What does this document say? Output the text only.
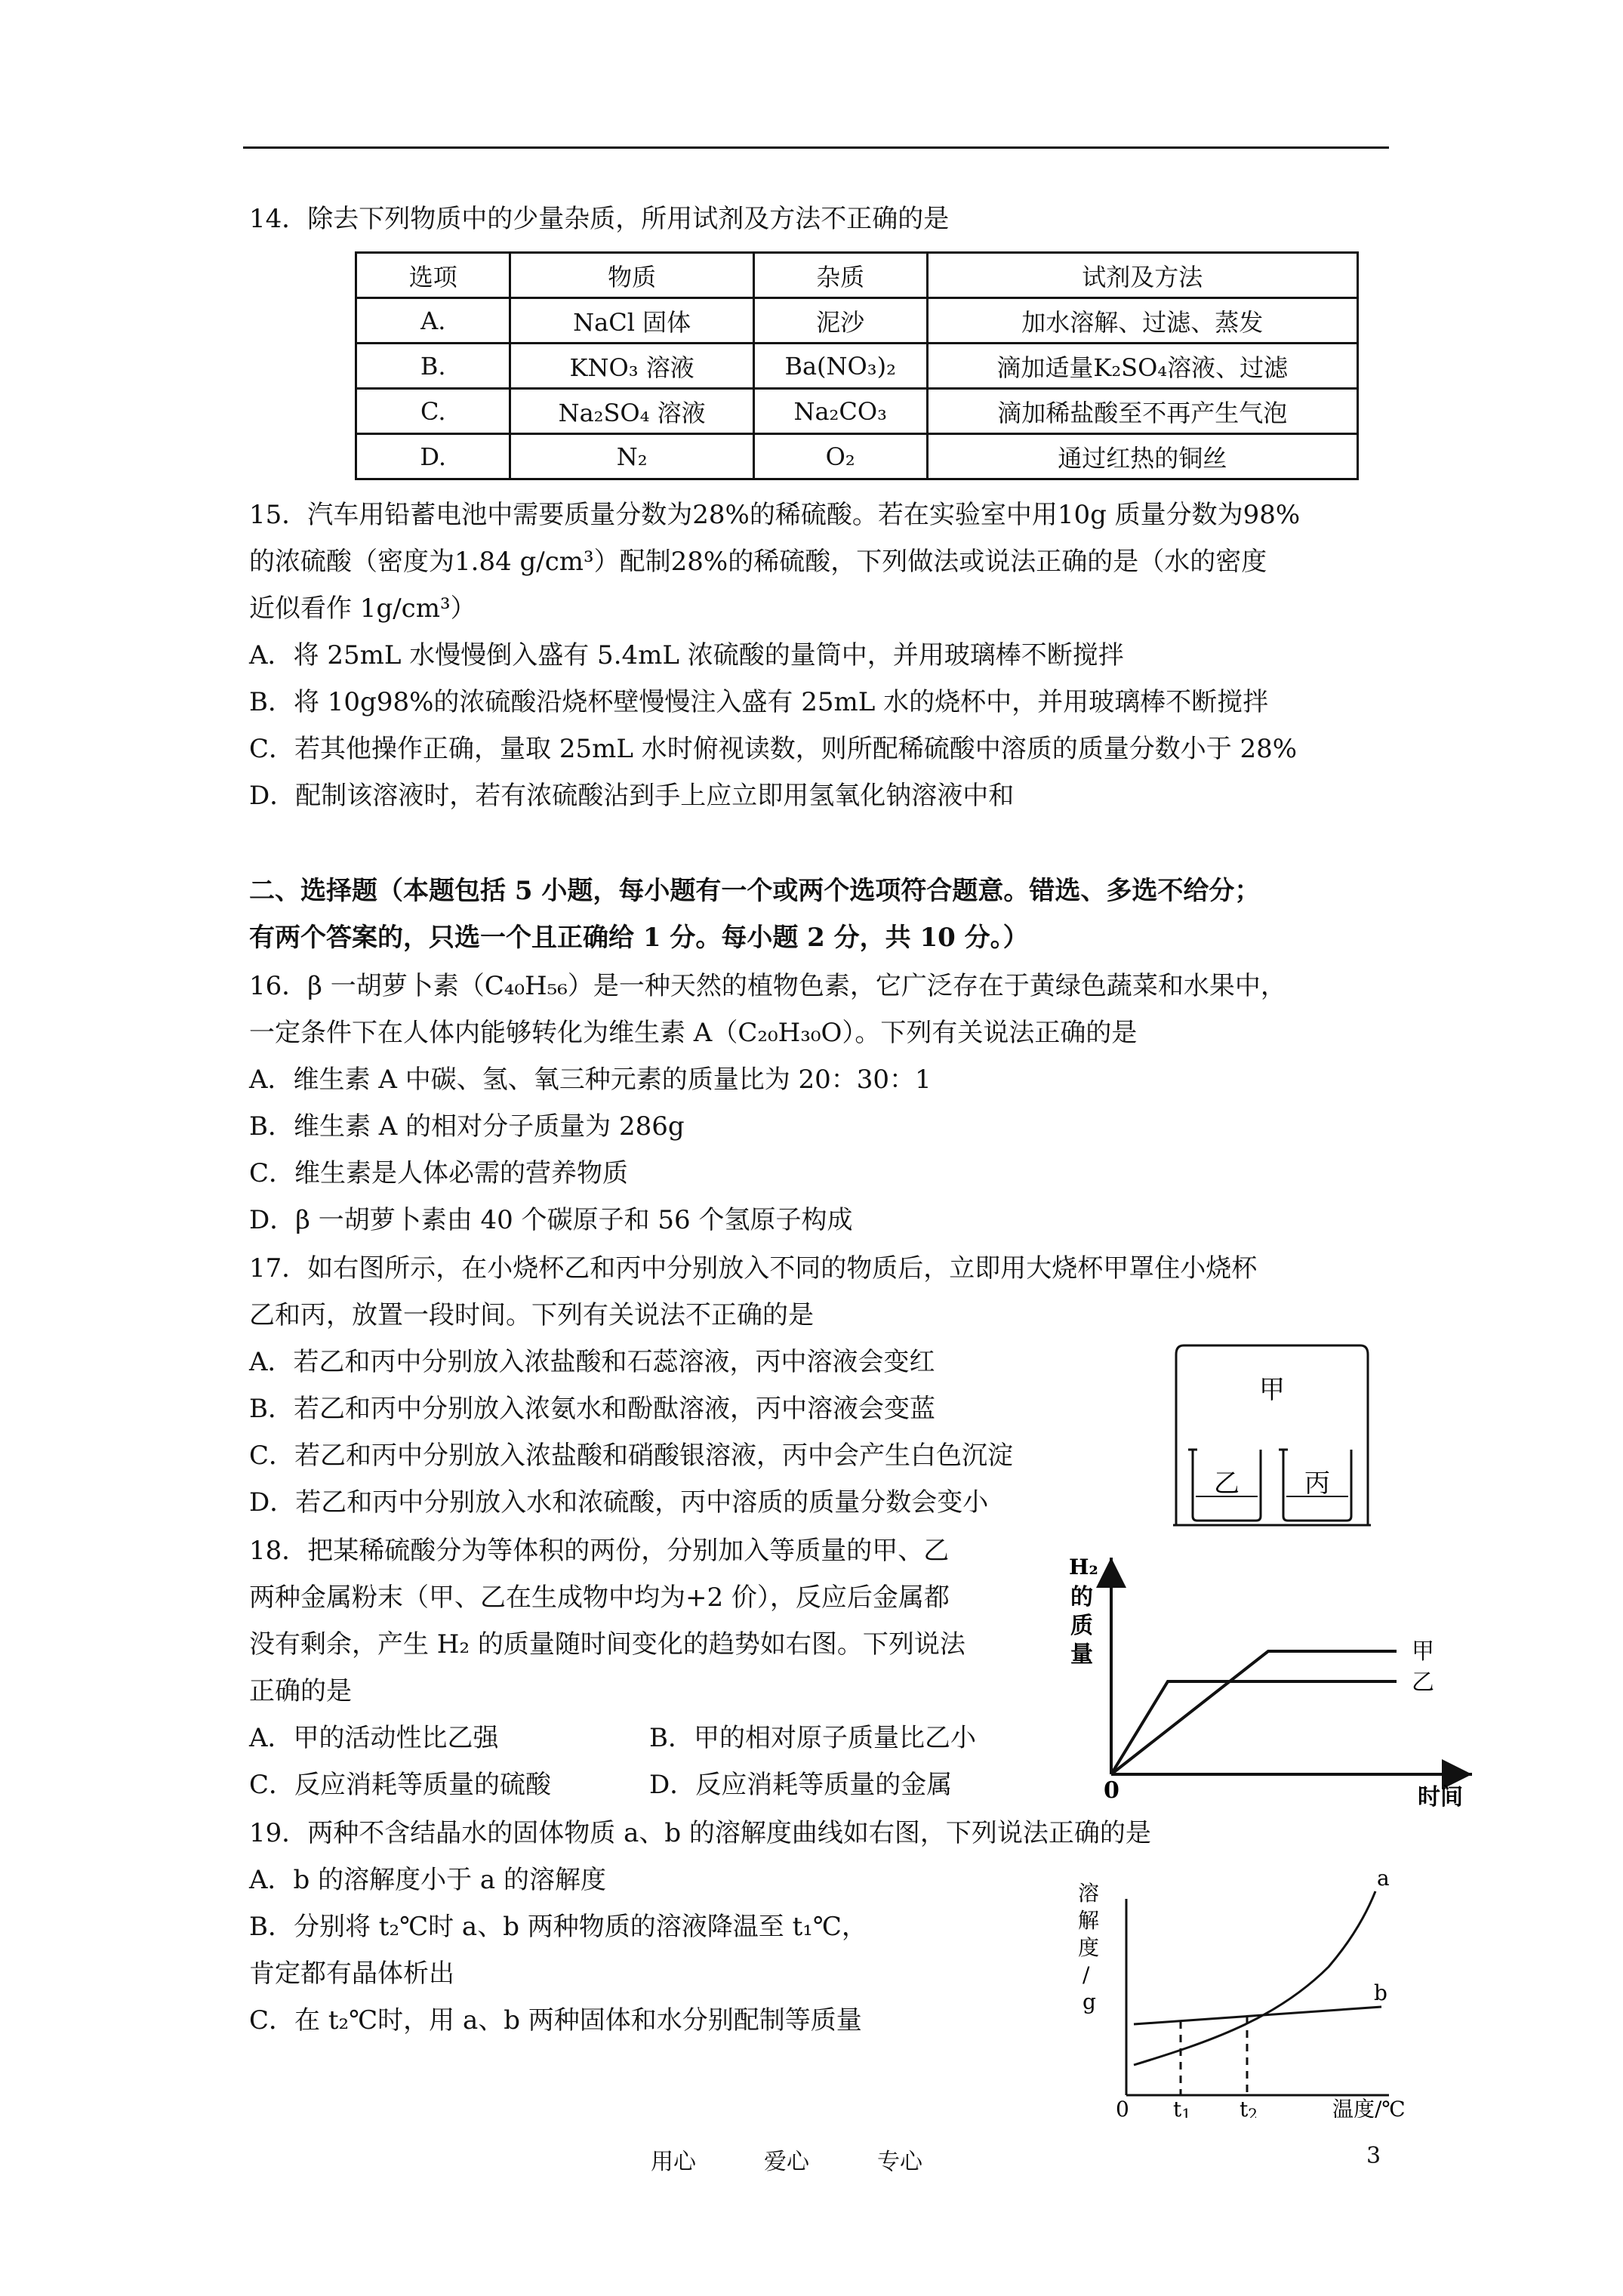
14．除去下列物质中的少量杂质，所用试剂及方法不正确的是
选项	物质	杂质	试剂及方法
A.	NaCl 固体	泥沙	加水溶解、过滤、蒸发
B.	KNO₃ 溶液	Ba(NO₃)₂	滴加适量K₂SO₄溶液、过滤
C.	Na₂SO₄ 溶液	Na₂CO₃	滴加稀盐酸至不再产生气泡
D.	N₂	O₂	通过红热的铜丝
15．汽车用铅蓄电池中需要质量分数为28%的稀硫酸。若在实验室中用10g 质量分数为98%
的浓硫酸（密度为1.84 g/cm³）配制28%的稀硫酸，下列做法或说法正确的是（水的密度
近似看作 1g/cm³）
A．将 25mL 水慢慢倒入盛有 5.4mL 浓硫酸的量筒中，并用玻璃棒不断搅拌
B．将 10g98%的浓硫酸沿烧杯壁慢慢注入盛有 25mL 水的烧杯中，并用玻璃棒不断搅拌
C．若其他操作正确，量取 25mL 水时俯视读数，则所配稀硫酸中溶质的质量分数小于 28%
D．配制该溶液时，若有浓硫酸沾到手上应立即用氢氧化钠溶液中和
二、选择题（本题包括 5 小题，每小题有一个或两个选项符合题意。错选、多选不给分；
有两个答案的，只选一个且正确给 1 分。每小题 2 分，共 10 分。）
16．β 一胡萝卜素（C₄₀H₅₆）是一种天然的植物色素，它广泛存在于黄绿色蔬菜和水果中，
一定条件下在人体内能够转化为维生素 A（C₂₀H₃₀O）。下列有关说法正确的是
A．维生素 A 中碳、氢、氧三种元素的质量比为 20：30：1
B．维生素 A 的相对分子质量为 286g
C．维生素是人体必需的营养物质
D．β 一胡萝卜素由 40 个碳原子和 56 个氢原子构成
17．如右图所示，在小烧杯乙和丙中分别放入不同的物质后，立即用大烧杯甲罩住小烧杯
乙和丙，放置一段时间。下列有关说法不正确的是
A．若乙和丙中分别放入浓盐酸和石蕊溶液，丙中溶液会变红
B．若乙和丙中分别放入浓氨水和酚酞溶液，丙中溶液会变蓝
C．若乙和丙中分别放入浓盐酸和硝酸银溶液，丙中会产生白色沉淀
D．若乙和丙中分别放入水和浓硫酸，丙中溶质的质量分数会变小
甲
乙	丙
18．把某稀硫酸分为等体积的两份，分别加入等质量的甲、乙
两种金属粉末（甲、乙在生成物中均为+2 价），反应后金属都
没有剩余，产生 H₂ 的质量随时间变化的趋势如右图。下列说法
正确的是
A．甲的活动性比乙强	B．甲的相对原子质量比乙小
C．反应消耗等质量的硫酸	D．反应消耗等质量的金属
H₂
的
质
量
0	时间
甲
乙
19．两种不含结晶水的固体物质 a、b 的溶解度曲线如右图，下列说法正确的是
A．b 的溶解度小于 a 的溶解度
B．分别将 t₂℃时 a、b 两种物质的溶液降温至 t₁℃，
肯定都有晶体析出
C．在 t₂℃时，用 a、b 两种固体和水分别配制等质量
溶
解
度
/
g
a
b
0 t1 t2	温度/℃
用心	爱心	专心	3
